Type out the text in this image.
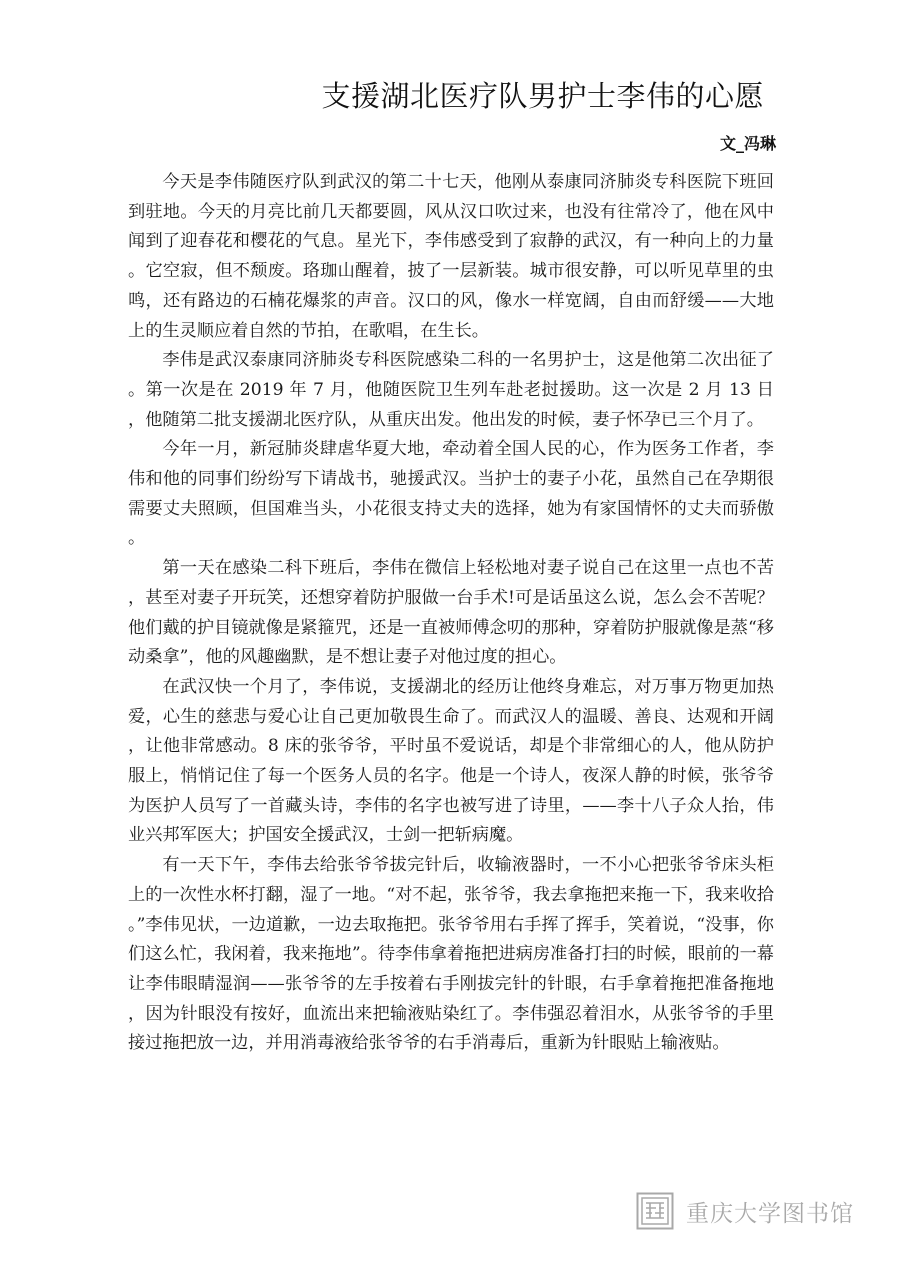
支援湖北医疗队男护士李伟的心愿
文_冯琳

今天是李伟随医疗队到武汉的第二十七天，他刚从泰康同济肺炎专科医院下班回到驻地。今天的月亮比前几天都要圆，风从汉口吹过来，也没有往常冷了，他在风中闻到了迎春花和樱花的气息。星光下，李伟感受到了寂静的武汉，有一种向上的力量。它空寂，但不颓废。珞珈山醒着，披了一层新装。城市很安静，可以听见草里的虫鸣，还有路边的石楠花爆浆的声音。汉口的风，像水一样宽阔，自由而舒缓——大地上的生灵顺应着自然的节拍，在歌唱，在生长。

李伟是武汉泰康同济肺炎专科医院感染二科的一名男护士，这是他第二次出征了。第一次是在 2019 年 7 月，他随医院卫生列车赴老挝援助。这一次是 2 月 13 日，他随第二批支援湖北医疗队，从重庆出发。他出发的时候，妻子怀孕已三个月了。

今年一月，新冠肺炎肆虐华夏大地，牵动着全国人民的心，作为医务工作者，李伟和他的同事们纷纷写下请战书，驰援武汉。当护士的妻子小花，虽然自己在孕期很需要丈夫照顾，但国难当头，小花很支持丈夫的选择，她为有家国情怀的丈夫而骄傲。

第一天在感染二科下班后，李伟在微信上轻松地对妻子说自己在这里一点也不苦，甚至对妻子开玩笑，还想穿着防护服做一台手术!可是话虽这么说，怎么会不苦呢？他们戴的护目镜就像是紧箍咒，还是一直被师傅念叨的那种，穿着防护服就像是蒸“移动桑拿”，他的风趣幽默，是不想让妻子对他过度的担心。

在武汉快一个月了，李伟说，支援湖北的经历让他终身难忘，对万事万物更加热爱，心生的慈悲与爱心让自己更加敬畏生命了。而武汉人的温暖、善良、达观和开阔，让他非常感动。8 床的张爷爷，平时虽不爱说话，却是个非常细心的人，他从防护服上，悄悄记住了每一个医务人员的名字。他是一个诗人，夜深人静的时候，张爷爷为医护人员写了一首藏头诗，李伟的名字也被写进了诗里，——李十八子众人抬，伟业兴邦军医大；护国安全援武汉，士剑一把斩病魔。

有一天下午，李伟去给张爷爷拔完针后，收输液器时，一不小心把张爷爷床头柜上的一次性水杯打翻，湿了一地。“对不起，张爷爷，我去拿拖把来拖一下，我来收拾。”李伟见状，一边道歉，一边去取拖把。张爷爷用右手挥了挥手，笑着说，“没事，你们这么忙，我闲着，我来拖地”。待李伟拿着拖把进病房准备打扫的时候，眼前的一幕让李伟眼睛湿润——张爷爷的左手按着右手刚拔完针的针眼，右手拿着拖把准备拖地，因为针眼没有按好，血流出来把输液贴染红了。李伟强忍着泪水，从张爷爷的手里接过拖把放一边，并用消毒液给张爷爷的右手消毒后，重新为针眼贴上输液贴。

重庆大学图书馆
